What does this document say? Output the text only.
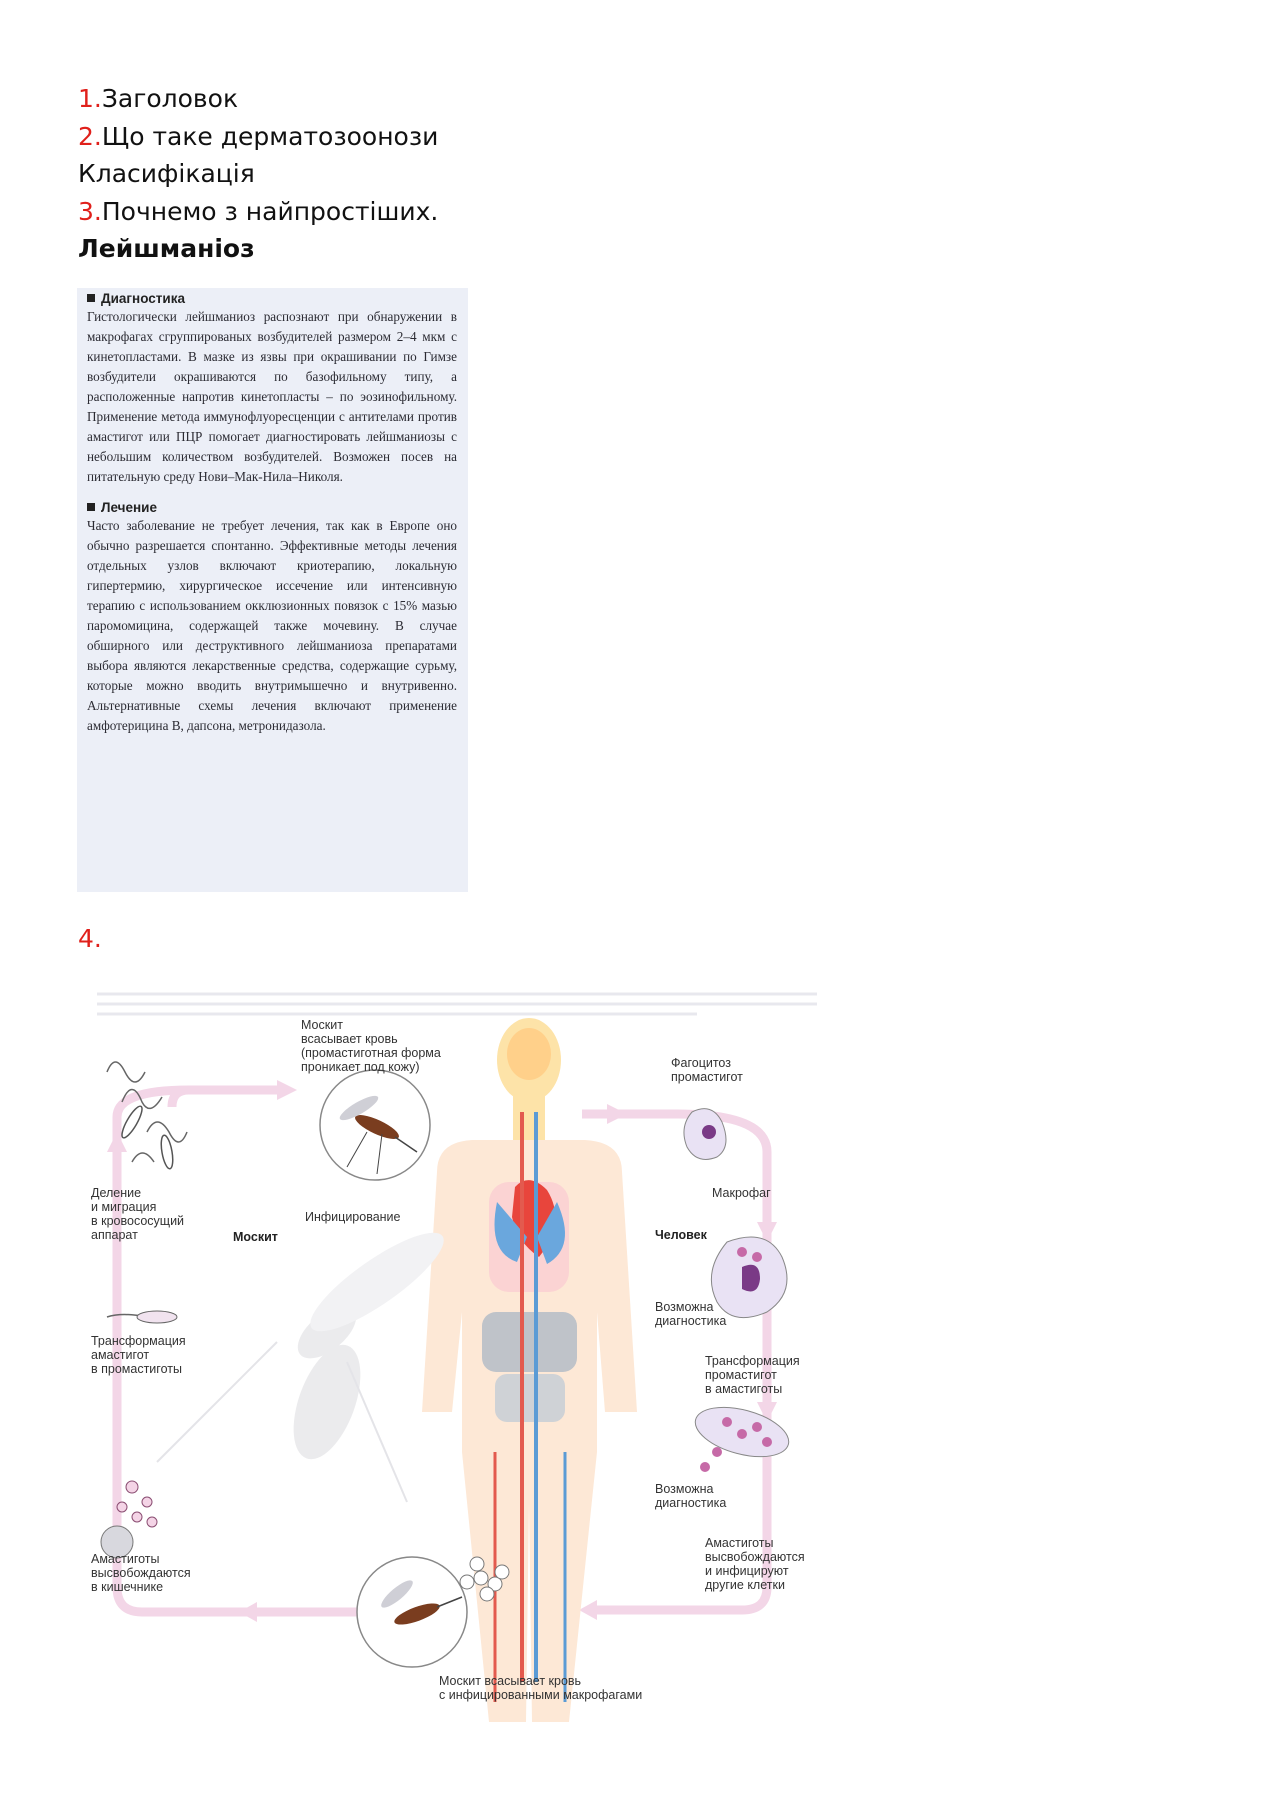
1.Заголовок
2.Що таке дерматозоонози
Класифікація
3.Почнемо з найпростіших.
Лейшманіоз
Диагностика

Гистологически лейшманиоз распознают при обнаружении в макрофагах сгруппированых возбудителей размером 2–4 мкм с кинетопластами. В мазке из язвы при окрашивании по Гимзе возбудители окрашиваются по базофильному типу, а расположенные напротив кинетопласты – по эозинофильному. Применение метода иммунофлуоресценции с антителами против амастигот или ПЦР помогает диагностировать лейшманиозы с небольшим количеством возбудителей. Возможен посев на питательную среду Нови–Мак-Нила–Николя.

Лечение

Часто заболевание не требует лечения, так как в Европе оно обычно разрешается спонтанно. Эффективные методы лечения отдельных узлов включают криотерапию, локальную гипертермию, хирургическое иссечение или интенсивную терапию с использованием окклюзионных повязок с 15% мазью паромомицина, содержащей также мочевину. В случае обширного или деструктивного лейшманиоза препаратами выбора являются лекарственные средства, содержащие сурьму, которые можно вводить внутримышечно и внутривенно. Альтернативные схемы лечения включают применение амфотерицина В, дапсона, метронидазола.

4.
Москит
всасывает кровь
(промастиготная форма
проникает под кожу)	Фагоцитоз
промастигот
Деление
и миграция
в кровососущий
аппарат	Москит
Инфицирование
Макрофаг
Человек
Возможна
диагностика
Трансформация
амастигот
в промастиготы
Трансформация
промастигот
в амастиготы
Возможна
диагностика
Амастиготы
высвобождаются
в кишечнике
Амастиготы
высвобождаются
и инфицируют
другие клетки
Москит всасывает кровь
с инфицированными макрофагами
